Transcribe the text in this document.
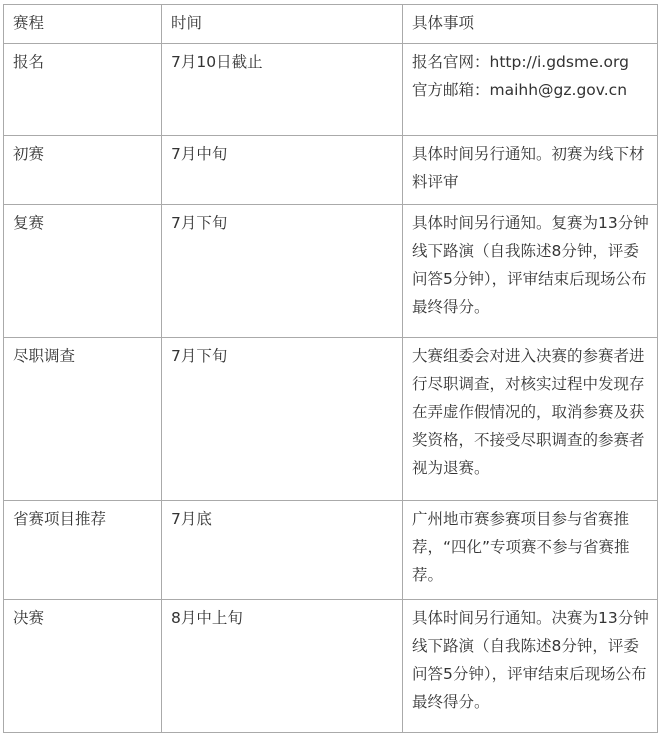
赛程	时间	具体事项
报名	7月10日截止	报名官网：http://i.gdsme.org
官方邮箱：maihh@gz.gov.cn

初赛	7月中旬	具体时间另行通知。初赛为线下材料评审

复赛	7月下旬	具体时间另行通知。复赛为13分钟线下路演（自我陈述8分钟，评委问答5分钟），评审结束后现场公布最终得分。

尽职调查	7月下旬	大赛组委会对进入决赛的参赛者进行尽职调查，对核实过程中发现存在弄虚作假情况的，取消参赛及获奖资格，不接受尽职调查的参赛者视为退赛。

省赛项目推荐	7月底	广州地市赛参赛项目参与省赛推荐，“四化”专项赛不参与省赛推荐。

决赛	8月中上旬	具体时间另行通知。决赛为13分钟线下路演（自我陈述8分钟，评委问答5分钟），评审结束后现场公布最终得分。
